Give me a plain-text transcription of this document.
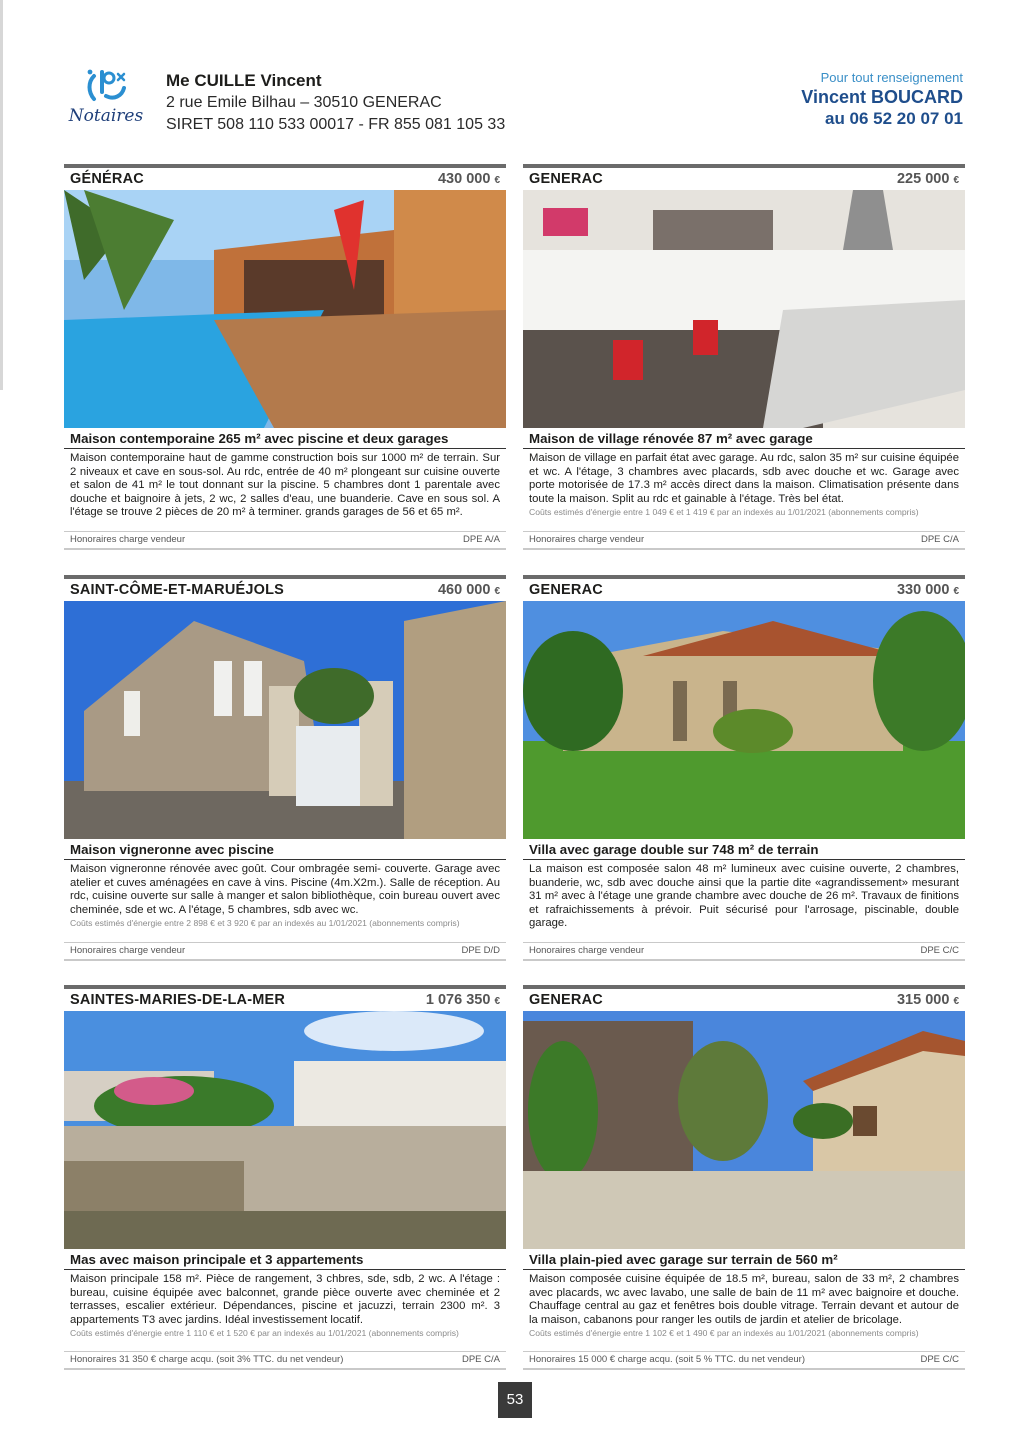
Notaires
Me CUILLE Vincent
2 rue Emile Bilhau – 30510 GENERAC
SIRET 508 110 533 00017 - FR 855 081 105 33
Pour tout renseignement
Vincent BOUCARD
au 06 52 20 07 01
GÉNÉRAC	430 000 €
Maison contemporaine 265 m² avec piscine et deux garages
Maison contemporaine haut de gamme construction bois sur 1000 m² de terrain. Sur 2 niveaux et cave en sous-sol. Au rdc, entrée de 40 m² plongeant sur cuisine ouverte et salon de 41 m² le tout donnant sur la piscine. 5 chambres dont 1 parentale avec douche et baignoire à jets, 2 wc, 2 salles d'eau, une buanderie. Cave en sous sol. A l'étage se trouve 2 pièces de 20 m² à terminer. grands garages de 56 et 65 m².
Honoraires charge vendeur	DPE A/A
GENERAC	225 000 €
Maison de village rénovée 87 m² avec garage
Maison de village en parfait état avec garage. Au rdc, salon 35 m² sur cuisine équipée et wc. A l'étage, 3 chambres avec placards, sdb avec douche et wc. Garage avec porte motorisée de 17.3 m² accès direct dans la maison. Climatisation présente dans toute la maison. Split au rdc et gainable à l'étage. Très bel état.
Coûts estimés d'énergie entre 1 049 € et 1 419 € par an indexés au 1/01/2021 (abonnements compris)
Honoraires charge vendeur	DPE C/A
SAINT-CÔME-ET-MARUÉJOLS	460 000 €
Maison vigneronne avec piscine
Maison vigneronne rénovée avec goût. Cour ombragée semi- couverte. Garage avec atelier et cuves aménagées en cave à vins. Piscine (4m.X2m.). Salle de réception. Au rdc, cuisine ouverte sur salle à manger et salon bibliothèque, coin bureau ouvert avec cheminée, sde et wc. A l'étage, 5 chambres, sdb avec wc.
Coûts estimés d'énergie entre 2 898 € et 3 920 € par an indexés au 1/01/2021 (abonnements compris)
Honoraires charge vendeur	DPE D/D
GENERAC	330 000 €
Villa avec garage double sur 748 m² de terrain
La maison est composée salon 48 m² lumineux avec cuisine ouverte, 2 chambres, buanderie, wc, sdb avec douche ainsi que la partie dite «agrandissement» mesurant 31 m² avec à l'étage une grande chambre avec douche de 26 m². Travaux de finitions et rafraichissements à prévoir. Puit sécurisé pour l'arrosage, piscinable, double garage.
Honoraires charge vendeur	DPE C/C
SAINTES-MARIES-DE-LA-MER	1 076 350 €
Mas avec maison principale et 3 appartements
Maison principale 158 m². Pièce de rangement, 3 chbres, sde, sdb, 2 wc. A l'étage : bureau, cuisine équipée avec balconnet, grande pièce ouverte avec cheminée et 2 terrasses, escalier extérieur. Dépendances, piscine et jacuzzi, terrain 2300 m². 3 appartements T3 avec jardins. Idéal investissement locatif.
Coûts estimés d'énergie entre 1 110 € et 1 520 € par an indexés au 1/01/2021 (abonnements compris)
Honoraires 31 350 € charge acqu. (soit 3% TTC. du net vendeur)	DPE C/A
GENERAC	315 000 €
Villa plain-pied avec garage sur terrain de 560 m²
Maison composée cuisine équipée de 18.5 m², bureau, salon de 33 m², 2 chambres avec placards, wc avec lavabo, une salle de bain de 11 m² avec baignoire et douche. Chauffage central au gaz et fenêtres bois double vitrage. Terrain devant et autour de la maison, cabanons pour ranger les outils de jardin et atelier de bricolage.
Coûts estimés d'énergie entre 1 102 € et 1 490 € par an indexés au 1/01/2021 (abonnements compris)
Honoraires 15 000 € charge acqu. (soit 5 % TTC. du net vendeur)	DPE C/C
53
